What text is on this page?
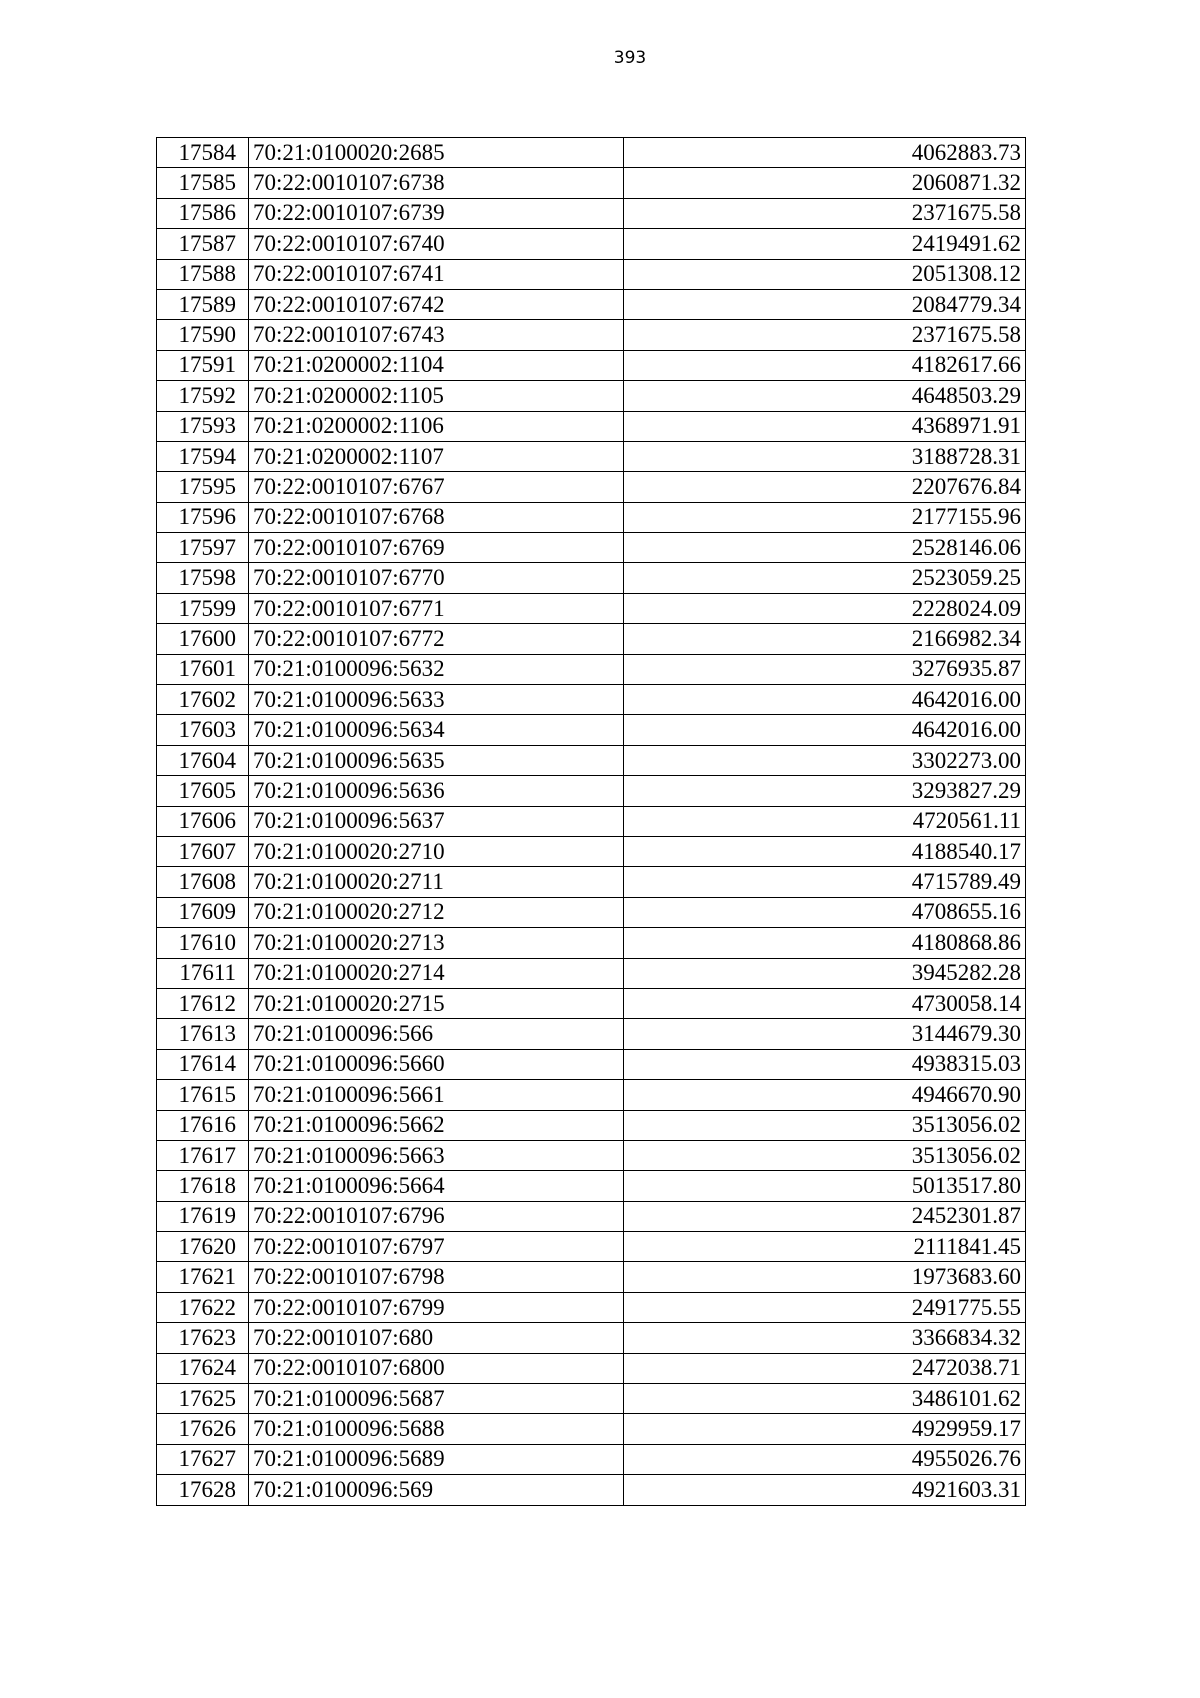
393
17584	70:21:0100020:2685	4062883.73
17585	70:22:0010107:6738	2060871.32
17586	70:22:0010107:6739	2371675.58
17587	70:22:0010107:6740	2419491.62
17588	70:22:0010107:6741	2051308.12
17589	70:22:0010107:6742	2084779.34
17590	70:22:0010107:6743	2371675.58
17591	70:21:0200002:1104	4182617.66
17592	70:21:0200002:1105	4648503.29
17593	70:21:0200002:1106	4368971.91
17594	70:21:0200002:1107	3188728.31
17595	70:22:0010107:6767	2207676.84
17596	70:22:0010107:6768	2177155.96
17597	70:22:0010107:6769	2528146.06
17598	70:22:0010107:6770	2523059.25
17599	70:22:0010107:6771	2228024.09
17600	70:22:0010107:6772	2166982.34
17601	70:21:0100096:5632	3276935.87
17602	70:21:0100096:5633	4642016.00
17603	70:21:0100096:5634	4642016.00
17604	70:21:0100096:5635	3302273.00
17605	70:21:0100096:5636	3293827.29
17606	70:21:0100096:5637	4720561.11
17607	70:21:0100020:2710	4188540.17
17608	70:21:0100020:2711	4715789.49
17609	70:21:0100020:2712	4708655.16
17610	70:21:0100020:2713	4180868.86
17611	70:21:0100020:2714	3945282.28
17612	70:21:0100020:2715	4730058.14
17613	70:21:0100096:566	3144679.30
17614	70:21:0100096:5660	4938315.03
17615	70:21:0100096:5661	4946670.90
17616	70:21:0100096:5662	3513056.02
17617	70:21:0100096:5663	3513056.02
17618	70:21:0100096:5664	5013517.80
17619	70:22:0010107:6796	2452301.87
17620	70:22:0010107:6797	2111841.45
17621	70:22:0010107:6798	1973683.60
17622	70:22:0010107:6799	2491775.55
17623	70:22:0010107:680	3366834.32
17624	70:22:0010107:6800	2472038.71
17625	70:21:0100096:5687	3486101.62
17626	70:21:0100096:5688	4929959.17
17627	70:21:0100096:5689	4955026.76
17628	70:21:0100096:569	4921603.31
